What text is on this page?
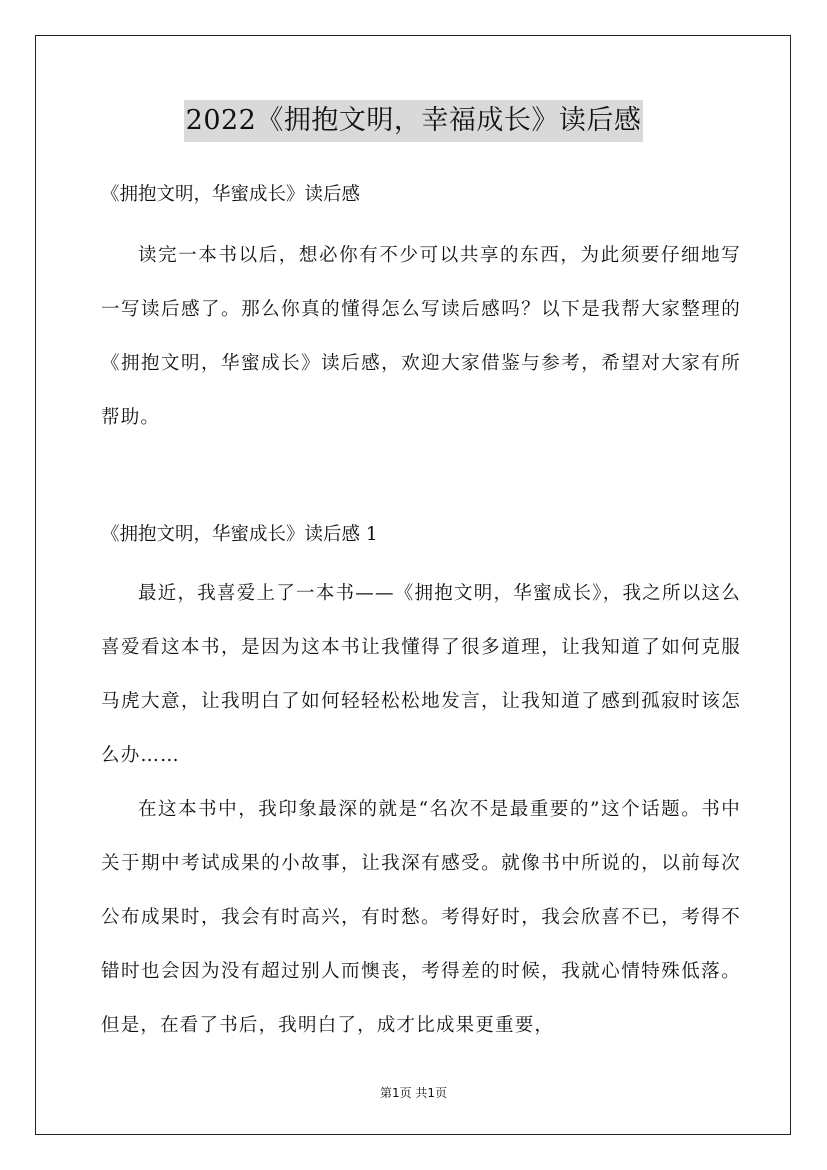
2022《拥抱文明，幸福成长》读后感

《拥抱文明，华蜜成长》读后感

读完一本书以后，想必你有不少可以共享的东西，为此须要仔细地写一写读后感了。那么你真的懂得怎么写读后感吗？以下是我帮大家整理的《拥抱文明，华蜜成长》读后感，欢迎大家借鉴与参考，希望对大家有所帮助。

《拥抱文明，华蜜成长》读后感 1

最近，我喜爱上了一本书——《拥抱文明，华蜜成长》，我之所以这么喜爱看这本书，是因为这本书让我懂得了很多道理，让我知道了如何克服马虎大意，让我明白了如何轻轻松松地发言，让我知道了感到孤寂时该怎么办……

在这本书中，我印象最深的就是“名次不是最重要的”这个话题。书中关于期中考试成果的小故事，让我深有感受。就像书中所说的，以前每次公布成果时，我会有时高兴，有时愁。考得好时，我会欣喜不已，考得不错时也会因为没有超过别人而懊丧，考得差的时候，我就心情特殊低落。但是，在看了书后，我明白了，成才比成果更重要，

第1页 共1页
